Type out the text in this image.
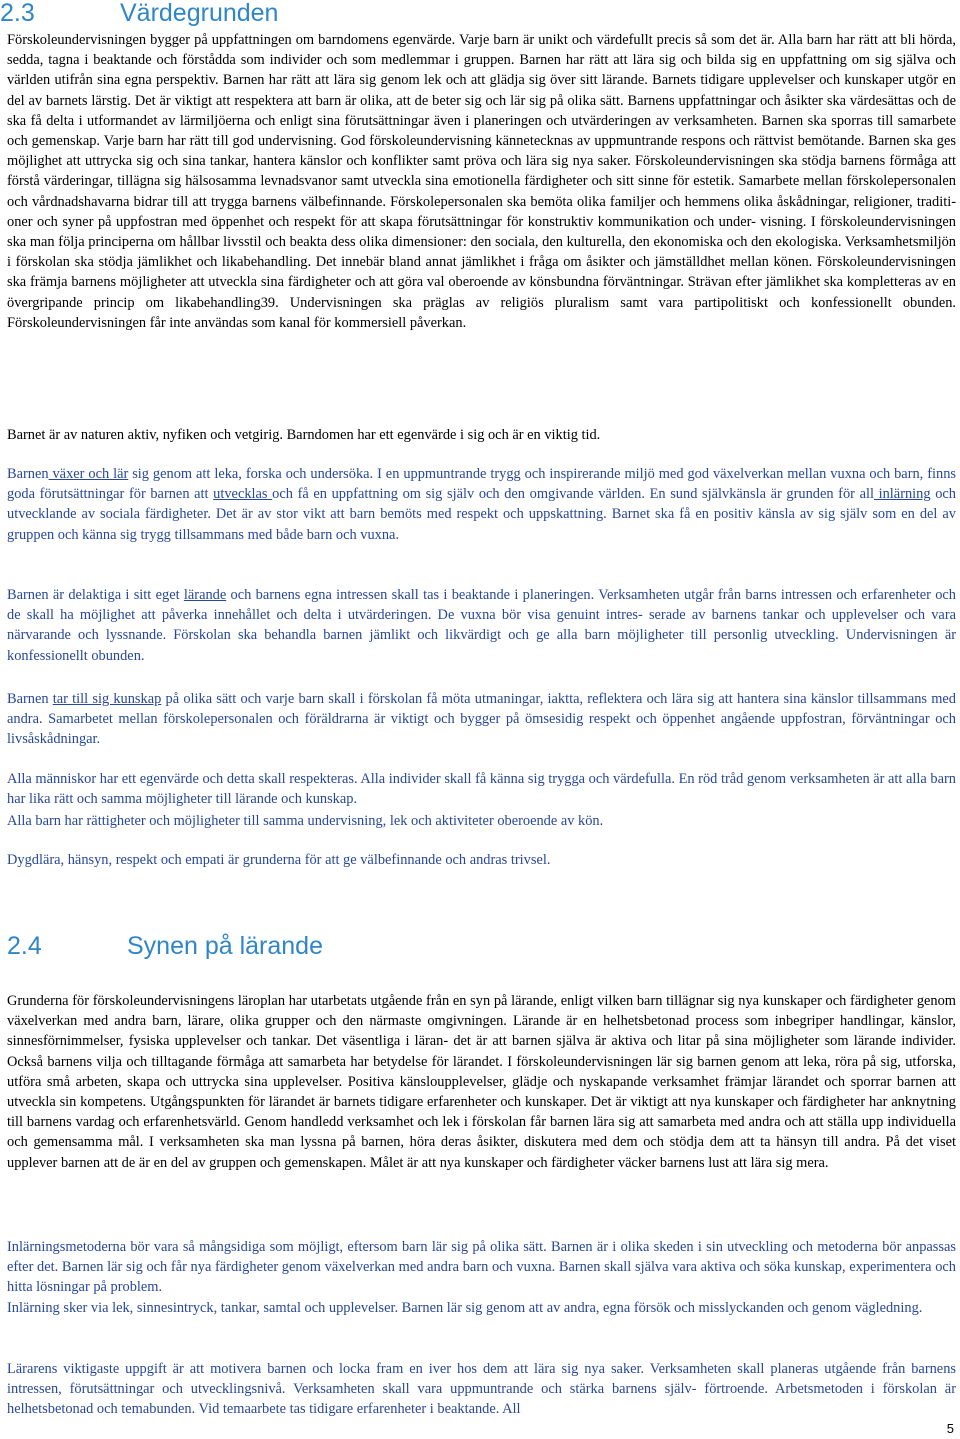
2.3	Värdegrunden

Förskoleundervisningen bygger på uppfattningen om barndomens egenvärde. Varje barn är unikt och värdefullt precis så som det är. Alla barn har rätt att bli hörda, sedda, tagna i beaktande och förstådda som individer och som medlemmar i gruppen. Barnen har rätt att lära sig och bilda sig en uppfattning om sig själva och världen utifrån sina egna perspektiv. Barnen har rätt att lära sig genom lek och att glädja sig över sitt lärande. Barnets tidigare upplevelser och kunskaper utgör en del av barnets lärstig. Det är viktigt att respektera att barn är olika, att de beter sig och lär sig på olika sätt. Barnens uppfattningar och åsikter ska värdesättas och de ska få delta i utformandet av lärmiljöerna och enligt sina förutsättningar även i planeringen och utvärderingen av verksamheten. Barnen ska sporras till samarbete och gemenskap. Varje barn har rätt till god undervisning. God förskoleundervisning kännetecknas av uppmuntrande respons och rättvist bemötande. Barnen ska ges möjlighet att uttrycka sig och sina tankar, hantera känslor och konflikter samt pröva och lära sig nya saker. Förskoleundervisningen ska stödja barnens förmåga att förstå värderingar, tillägna sig hälsosamma levnadsvanor samt utveckla sina emotionella färdigheter och sitt sinne för estetik. Samarbete mellan förskolepersonalen och vårdnadshavarna bidrar till att trygga barnens välbefinnande. Förskolepersonalen ska bemöta olika familjer och hemmens olika åskådningar, religioner, traditi- oner och syner på uppfostran med öppenhet och respekt för att skapa förutsättningar för konstruktiv kommunikation och under- visning. I förskoleundervisningen ska man följa principerna om hållbar livsstil och beakta dess olika dimensioner: den sociala, den kulturella, den ekonomiska och den ekologiska. Verksamhetsmiljön i förskolan ska stödja jämlikhet och likabehandling. Det innebär bland annat jämlikhet i fråga om åsikter och jämställdhet mellan könen. Förskoleundervisningen ska främja barnens möjligheter att utveckla sina färdigheter och att göra val oberoende av könsbundna förväntningar. Strävan efter jämlikhet ska kompletteras av en övergripande princip om likabehandling39. Undervisningen ska präglas av religiös pluralism samt vara partipolitiskt och konfessionellt obunden. Förskoleundervisningen får inte användas som kanal för kommersiell påverkan.

Barnet är av naturen aktiv, nyfiken och vetgirig. Barndomen har ett egenvärde i sig och är en viktig tid.

Barnen växer och lär sig genom att leka, forska och undersöka. I en uppmuntrande trygg och inspirerande miljö med god växelverkan mellan vuxna och barn, finns goda förutsättningar för barnen att utvecklas och få en uppfattning om sig själv och den omgivande världen. En sund självkänsla är grunden för all inlärning och utvecklande av sociala färdigheter. Det är av stor vikt att barn bemöts med respekt och uppskattning. Barnet ska få en positiv känsla av sig själv som en del av gruppen och känna sig trygg tillsammans med både barn och vuxna.

Barnen är delaktiga i sitt eget lärande och barnens egna intressen skall tas i beaktande i planeringen. Verksamheten utgår från barns intressen och erfarenheter och de skall ha möjlighet att påverka innehållet och delta i utvärderingen. De vuxna bör visa genuint intres- serade av barnens tankar och upplevelser och vara närvarande och lyssnande. Förskolan ska behandla barnen jämlikt och likvärdigt och ge alla barn möjligheter till personlig utveckling. Undervisningen är konfessionellt obunden.

Barnen tar till sig kunskap på olika sätt och varje barn skall i förskolan få möta utmaningar, iaktta, reflektera och lära sig att hantera sina känslor tillsammans med andra. Samarbetet mellan förskolepersonalen och föräldrarna är viktigt och bygger på ömsesidig respekt och öppenhet angående uppfostran, förväntningar och livsåskådningar.

Alla människor har ett egenvärde och detta skall respekteras. Alla individer skall få känna sig trygga och värdefulla. En röd tråd genom verksamheten är att alla barn har lika rätt och samma möjligheter till lärande och kunskap.

Alla barn har rättigheter och möjligheter till samma undervisning, lek och aktiviteter oberoende av kön.

Dygdlära, hänsyn, respekt och empati är grunderna för att ge välbefinnande och andras trivsel.

2.4	Synen på lärande

Grunderna för förskoleundervisningens läroplan har utarbetats utgående från en syn på lärande, enligt vilken barn tillägnar sig nya kunskaper och färdigheter genom växelverkan med andra barn, lärare, olika grupper och den närmaste omgivningen. Lärande är en helhetsbetonad process som inbegriper handlingar, känslor, sinnesförnimmelser, fysiska upplevelser och tankar. Det väsentliga i läran- det är att barnen själva är aktiva och litar på sina möjligheter som lärande individer. Också barnens vilja och tilltagande förmåga att samarbeta har betydelse för lärandet. I förskoleundervisningen lär sig barnen genom att leka, röra på sig, utforska, utföra små arbeten, skapa och uttrycka sina upplevelser. Positiva känsloupplevelser, glädje och nyskapande verksamhet främjar lärandet och sporrar barnen att utveckla sin kompetens. Utgångspunkten för lärandet är barnets tidigare erfarenheter och kunskaper. Det är viktigt att nya kunskaper och färdigheter har anknytning till barnens vardag och erfarenhetsvärld. Genom handledd verksamhet och lek i förskolan får barnen lära sig att samarbeta med andra och att ställa upp individuella och gemensamma mål. I verksamheten ska man lyssna på barnen, höra deras åsikter, diskutera med dem och stödja dem att ta hänsyn till andra. På det viset upplever barnen att de är en del av gruppen och gemenskapen. Målet är att nya kunskaper och färdigheter väcker barnens lust att lära sig mera.

Inlärningsmetoderna bör vara så mångsidiga som möjligt, eftersom barn lär sig på olika sätt. Barnen är i olika skeden i sin utveckling och metoderna bör anpassas efter det. Barnen lär sig och får nya färdigheter genom växelverkan med andra barn och vuxna. Barnen skall själva vara aktiva och söka kunskap, experimentera och hitta lösningar på problem.

Inlärning sker via lek, sinnesintryck, tankar, samtal och upplevelser. Barnen lär sig genom att av andra, egna försök och misslyckanden och genom vägledning.

Lärarens viktigaste uppgift är att motivera barnen och locka fram en iver hos dem att lära sig nya saker. Verksamheten skall planeras utgående från barnens intressen, förutsättningar och utvecklingsnivå. Verksamheten skall vara uppmuntrande och stärka barnens själv- förtroende. Arbetsmetoden i förskolan är helhetsbetonad och temabunden. Vid temaarbete tas tidigare erfarenheter i beaktande. All

5
